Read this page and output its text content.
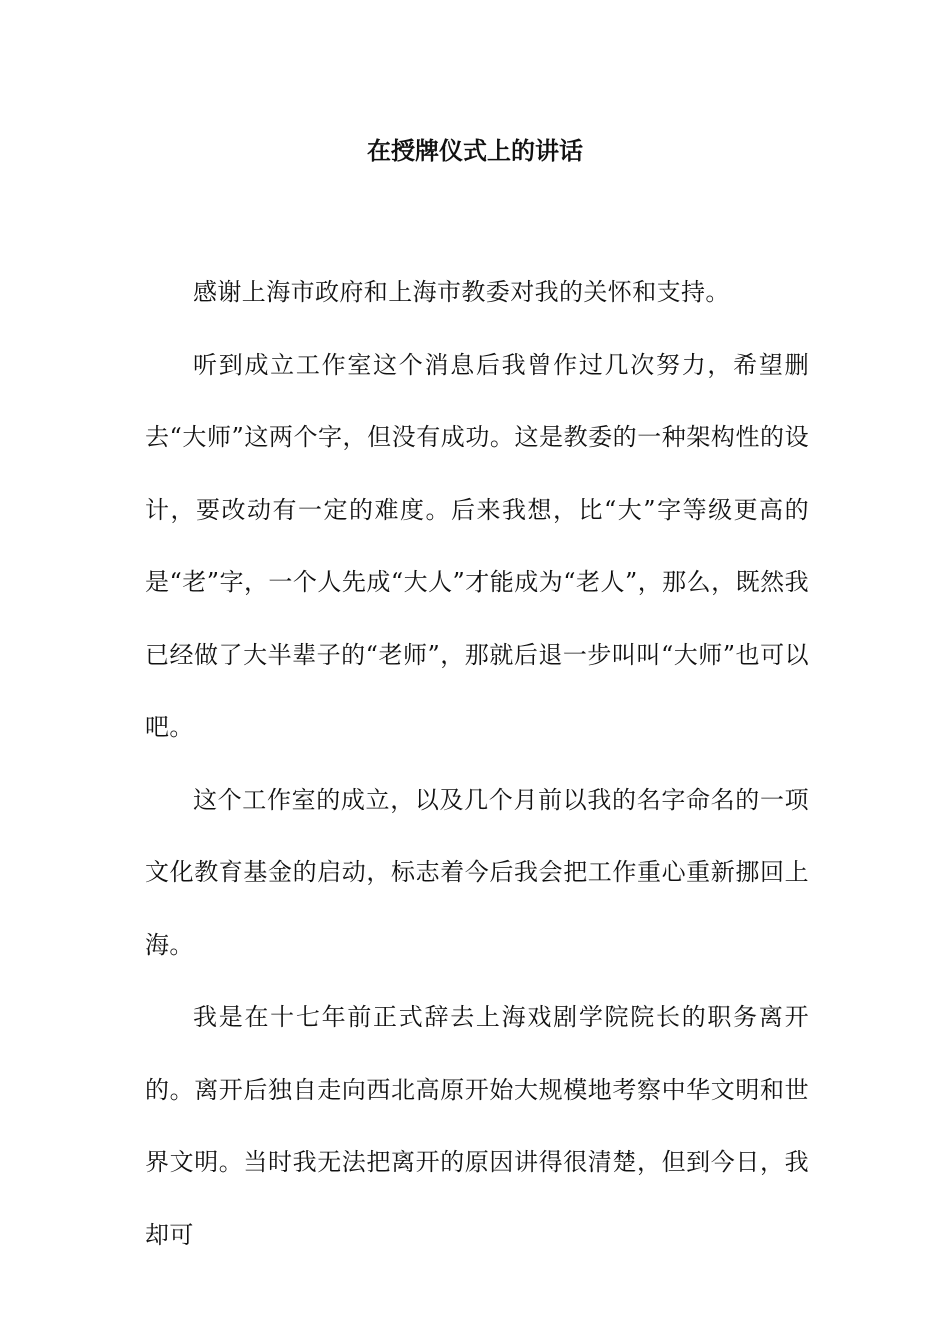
在授牌仪式上的讲话

感谢上海市政府和上海市教委对我的关怀和支持。

听到成立工作室这个消息后我曾作过几次努力，希望删去“大师”这两个字，但没有成功。这是教委的一种架构性的设计，要改动有一定的难度。后来我想，比“大”字等级更高的是“老”字，一个人先成“大人”才能成为“老人”，那么，既然我已经做了大半辈子的“老师”，那就后退一步叫叫“大师”也可以吧。

这个工作室的成立，以及几个月前以我的名字命名的一项文化教育基金的启动，标志着今后我会把工作重心重新挪回上海。

我是在十七年前正式辞去上海戏剧学院院长的职务离开的。离开后独自走向西北高原开始大规模地考察中华文明和世界文明。当时我无法把离开的原因讲得很清楚，但到今日，我却可
